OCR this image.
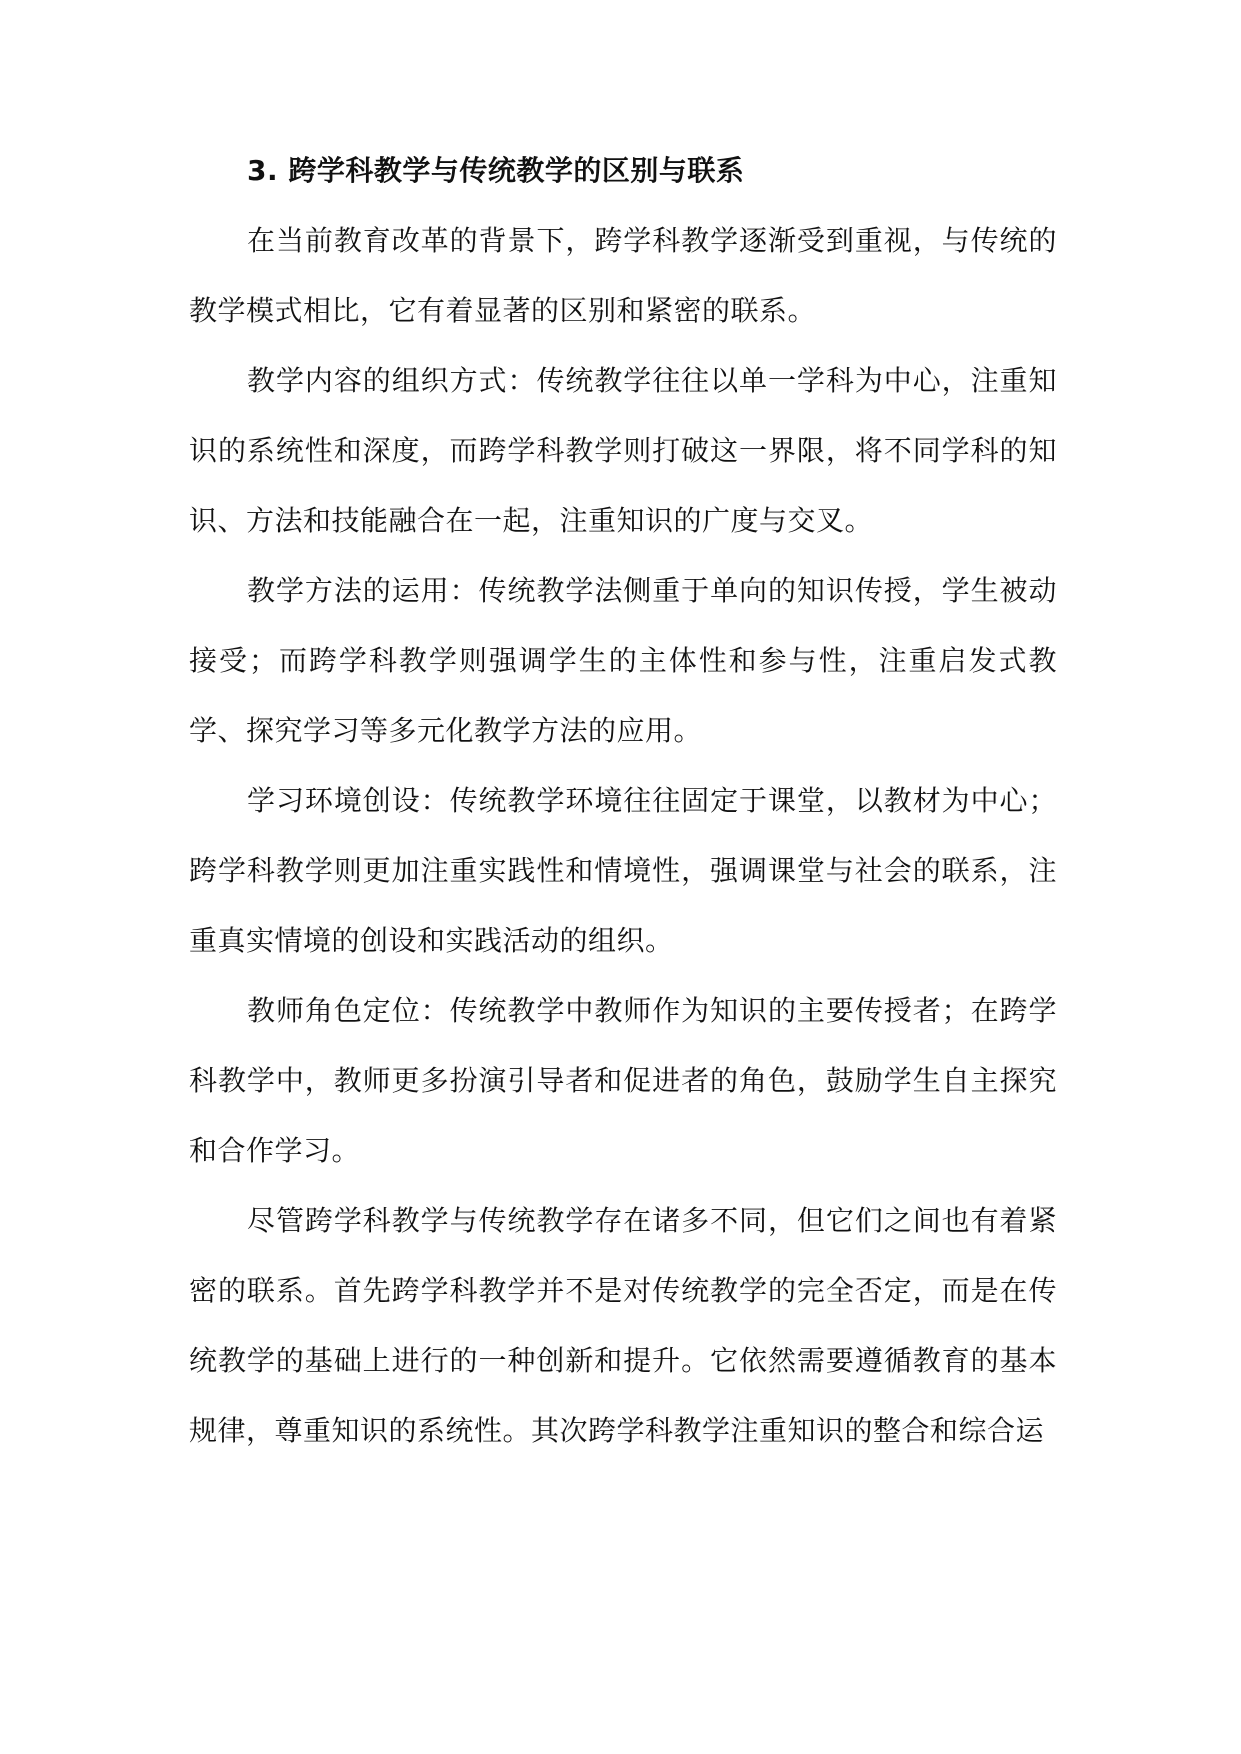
3. 跨学科教学与传统教学的区别与联系

在当前教育改革的背景下，跨学科教学逐渐受到重视，与传统的教学模式相比，它有着显著的区别和紧密的联系。

教学内容的组织方式：传统教学往往以单一学科为中心，注重知识的系统性和深度，而跨学科教学则打破这一界限，将不同学科的知识、方法和技能融合在一起，注重知识的广度与交叉。

教学方法的运用：传统教学法侧重于单向的知识传授，学生被动接受；而跨学科教学则强调学生的主体性和参与性，注重启发式教学、探究学习等多元化教学方法的应用。

学习环境创设：传统教学环境往往固定于课堂，以教材为中心；跨学科教学则更加注重实践性和情境性，强调课堂与社会的联系，注重真实情境的创设和实践活动的组织。

教师角色定位：传统教学中教师作为知识的主要传授者；在跨学科教学中，教师更多扮演引导者和促进者的角色，鼓励学生自主探究和合作学习。

尽管跨学科教学与传统教学存在诸多不同，但它们之间也有着紧密的联系。首先跨学科教学并不是对传统教学的完全否定，而是在传统教学的基础上进行的一种创新和提升。它依然需要遵循教育的基本规律，尊重知识的系统性。其次跨学科教学注重知识的整合和综合运
